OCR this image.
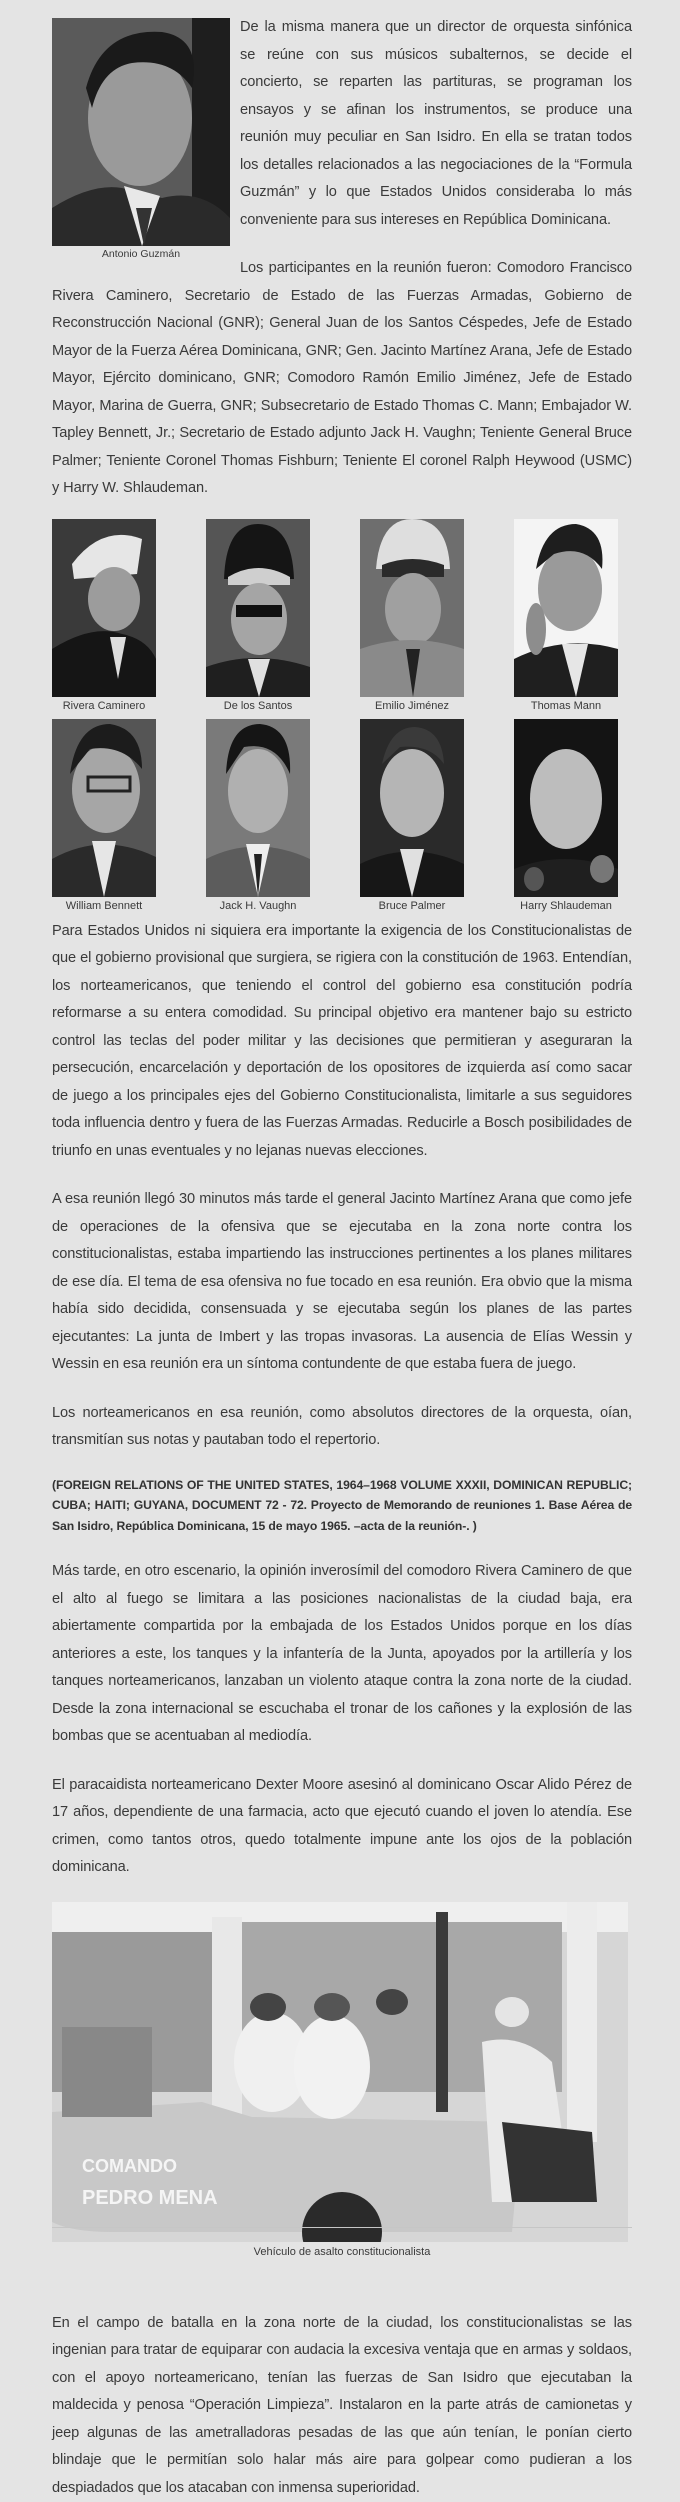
Antonio Guzmán

De la misma manera que un director de orquesta sinfónica se reúne con sus músicos subalternos, se decide el concierto, se reparten las partituras, se programan los ensayos y se afinan los instrumentos, se produce una reunión muy peculiar en San Isidro. En ella se tratan todos los detalles relacionados a las negociaciones de la “Formula Guzmán” y lo que Estados Unidos consideraba lo más conveniente para sus intereses en República Dominicana.

Los participantes en la reunión fueron: Comodoro Francisco Rivera Caminero, Secretario de Estado de las Fuerzas Armadas, Gobierno de Reconstrucción Nacional (GNR); General Juan de los Santos Céspedes, Jefe de Estado Mayor de la Fuerza Aérea Dominicana, GNR; Gen. Jacinto Martínez Arana, Jefe de Estado Mayor, Ejército dominicano, GNR; Comodoro Ramón Emilio Jiménez, Jefe de Estado Mayor, Marina de Guerra, GNR; Subsecretario de Estado Thomas C. Mann; Embajador W. Tapley Bennett, Jr.; Secretario de Estado adjunto Jack H. Vaughn; Teniente General Bruce Palmer; Teniente Coronel Thomas Fishburn; Teniente El coronel Ralph Heywood (USMC) y Harry W. Shlaudeman.

Rivera Caminero	De los Santos	Emilio Jiménez	Thomas Mann
William Bennett	Jack H. Vaughn	Bruce Palmer	Harry Shlaudeman

Para Estados Unidos ni siquiera era importante la exigencia de los Constitucionalistas de que el gobierno provisional que surgiera, se rigiera con la constitución de 1963. Entendían, los norteamericanos, que teniendo el control del gobierno esa constitución podría reformarse a su entera comodidad. Su principal objetivo era mantener bajo su estricto control las teclas del poder militar y las decisiones que permitieran y aseguraran la persecución, encarcelación y deportación de los opositores de izquierda así como sacar de juego a los principales ejes del Gobierno Constitucionalista, limitarle a sus seguidores toda influencia dentro y fuera de las Fuerzas Armadas. Reducirle a Bosch posibilidades de triunfo en unas eventuales y no lejanas nuevas elecciones.

A esa reunión llegó 30 minutos más tarde el general Jacinto Martínez Arana que como jefe de operaciones de la ofensiva que se ejecutaba en la zona norte contra los constitucionalistas, estaba impartiendo las instrucciones pertinentes a los planes militares de ese día. El tema de esa ofensiva no fue tocado en esa reunión. Era obvio que la misma había sido decidida, consensuada y se ejecutaba según los planes de las partes ejecutantes: La junta de Imbert y las tropas invasoras. La ausencia de Elías Wessin y Wessin en esa reunión era un síntoma contundente de que estaba fuera de juego.

Los norteamericanos en esa reunión, como absolutos directores de la orquesta, oían, transmitían sus notas y pautaban todo el repertorio.

(FOREIGN RELATIONS OF THE UNITED STATES, 1964–1968 VOLUME XXXII, DOMINICAN REPUBLIC; CUBA; HAITI; GUYANA, DOCUMENT 72 - 72. Proyecto de Memorando de reuniones 1. Base Aérea de San Isidro, República Dominicana, 15 de mayo 1965. –acta de la reunión-. )

Más tarde, en otro escenario, la opinión inverosímil del comodoro Rivera Caminero de que el alto al fuego se limitara a las posiciones nacionalistas de la ciudad baja, era abiertamente compartida por la embajada de los Estados Unidos porque en los días anteriores a este, los tanques y la infantería de la Junta, apoyados por la artillería y los tanques norteamericanos, lanzaban un violento ataque contra la zona norte de la ciudad. Desde la zona internacional se escuchaba el tronar de los cañones y la explosión de las bombas que se acentuaban al mediodía.

El paracaidista norteamericano Dexter Moore asesinó al dominicano Oscar Alido Pérez de 17 años, dependiente de una farmacia, acto que ejecutó cuando el joven lo atendía. Ese crimen, como tantos otros, quedo totalmente impune ante los ojos de la población dominicana.

COMANDO
PEDRO MENA
Vehículo de asalto constitucionalista

En el campo de batalla en la zona norte de la ciudad, los constitucionalistas se las ingenian para tratar de equiparar con audacia la excesiva ventaja que en armas y soldaos, con el apoyo norteamericano, tenían las fuerzas de San Isidro que ejecutaban la maldecida y penosa “Operación Limpieza”. Instalaron en la parte atrás de camionetas y jeep algunas de las ametralladoras pesadas de las que aún tenían, le ponían cierto blindaje que le permitían solo halar más aire para golpear como pudieran a los despiadados que los atacaban con inmensa superioridad.
